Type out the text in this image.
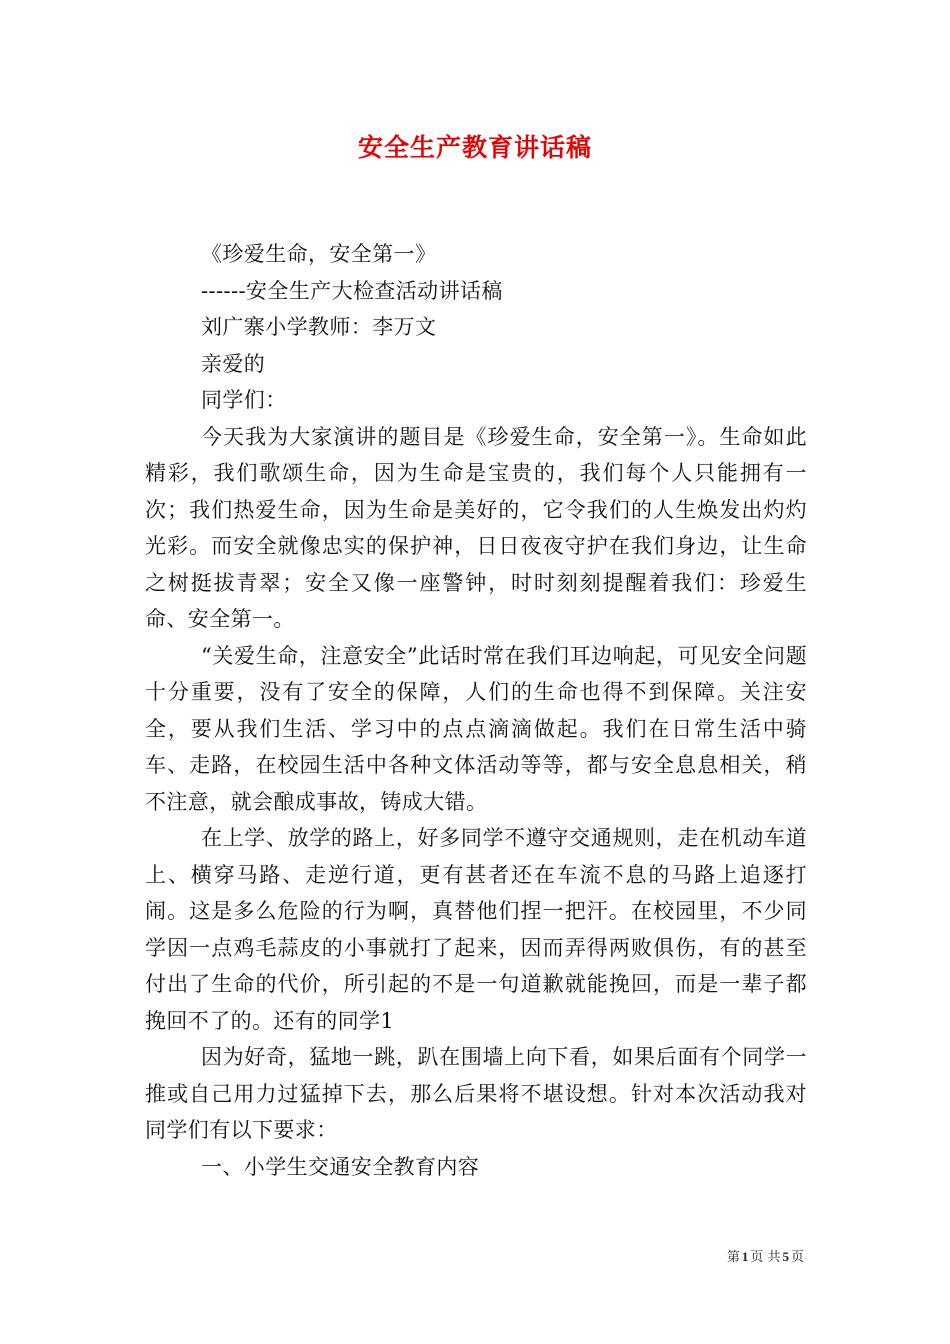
安全生产教育讲话稿

《珍爱生命，安全第一》

------安全生产大检查活动讲话稿

刘广寨小学教师：李万文

亲爱的

同学们：

今天我为大家演讲的题目是《珍爱生命，安全第一》。生命如此精彩，我们歌颂生命，因为生命是宝贵的，我们每个人只能拥有一次；我们热爱生命，因为生命是美好的，它令我们的人生焕发出灼灼光彩。而安全就像忠实的保护神，日日夜夜守护在我们身边，让生命之树挺拔青翠；安全又像一座警钟，时时刻刻提醒着我们：珍爱生命、安全第一。

“关爱生命，注意安全”此话时常在我们耳边响起，可见安全问题十分重要，没有了安全的保障，人们的生命也得不到保障。关注安全，要从我们生活、学习中的点点滴滴做起。我们在日常生活中骑车、走路，在校园生活中各种文体活动等等，都与安全息息相关，稍不注意，就会酿成事故，铸成大错。

在上学、放学的路上，好多同学不遵守交通规则，走在机动车道上、横穿马路、走逆行道，更有甚者还在车流不息的马路上追逐打闹。这是多么危险的行为啊，真替他们捏一把汗。在校园里，不少同学因一点鸡毛蒜皮的小事就打了起来，因而弄得两败俱伤，有的甚至付出了生命的代价，所引起的不是一句道歉就能挽回，而是一辈子都挽回不了的。还有的同学1

因为好奇，猛地一跳，趴在围墙上向下看，如果后面有个同学一推或自己用力过猛掉下去，那么后果将不堪设想。针对本次活动我对同学们有以下要求：

一、小学生交通安全教育内容

第 1 页 共 5 页
